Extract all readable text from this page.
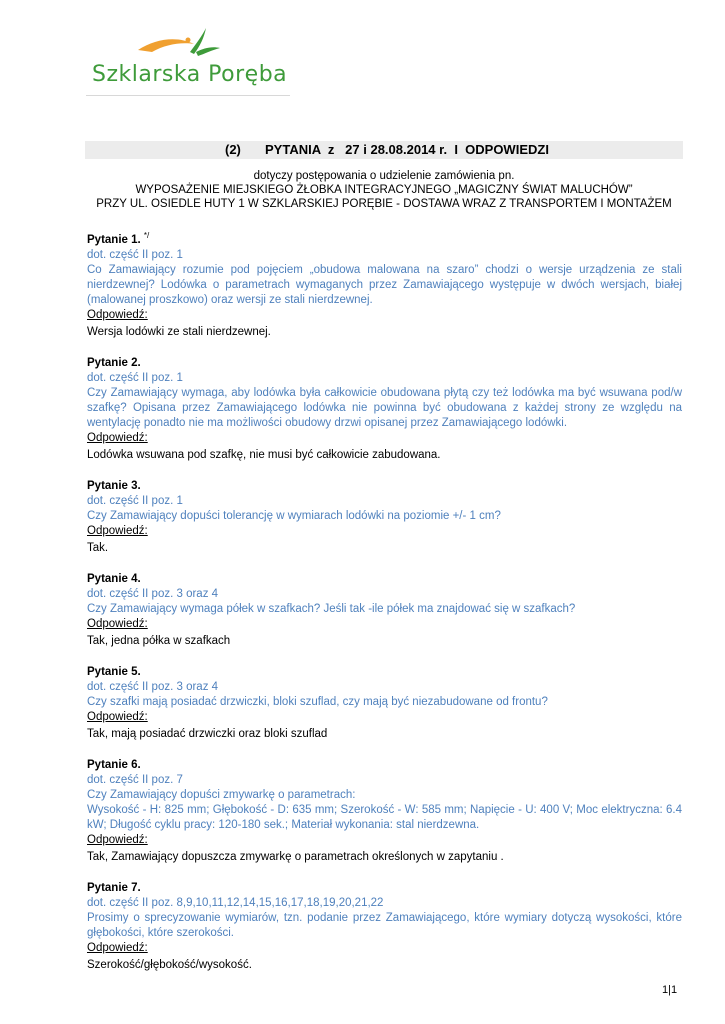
Szklarska Poręba
(2) PYTANIA  z   27 i 28.08.2014 r.  I  ODPOWIEDZI
dotyczy postępowania o udzielenie zamówienia pn.
WYPOSAŻENIE MIEJSKIEGO ŻŁOBKA INTEGRACYJNEGO „MAGICZNY ŚWIAT MALUCHÓW”
PRZY UL. OSIEDLE HUTY 1 W SZKLARSKIEJ PORĘBIE - DOSTAWA WRAZ Z TRANSPORTEM I MONTAŻEM
Pytanie 1. */
dot. część II poz. 1
Co Zamawiający rozumie pod pojęciem „obudowa malowana na szaro” chodzi o wersje urządzenia ze stali nierdzewnej? Lodówka o parametrach wymaganych przez Zamawiającego występuje w dwóch wersjach, białej (malowanej proszkowo) oraz wersji ze stali nierdzewnej.
Odpowiedź:
Wersja lodówki ze stali nierdzewnej.
Pytanie 2.
dot. część II poz. 1
Czy Zamawiający wymaga, aby lodówka była całkowicie obudowana płytą czy też lodówka ma być wsuwana pod/w szafkę? Opisana przez Zamawiającego lodówka nie powinna być obudowana z każdej strony ze względu na wentylację ponadto nie ma możliwości obudowy drzwi opisanej przez Zamawiającego lodówki.
Odpowiedź:
Lodówka wsuwana pod szafkę, nie musi być całkowicie zabudowana.
Pytanie 3.
dot. część II poz. 1
Czy Zamawiający dopuści tolerancję w wymiarach lodówki na poziomie +/- 1 cm?
Odpowiedź:
Tak.
Pytanie 4.
dot. część II poz. 3 oraz 4
Czy Zamawiający wymaga półek w szafkach? Jeśli tak -ile półek ma znajdować się w szafkach?
Odpowiedź:
Tak, jedna półka w szafkach
Pytanie 5.
dot. część II poz. 3 oraz 4
Czy szafki mają posiadać drzwiczki, bloki szuflad, czy mają być niezabudowane od frontu?
Odpowiedź:
Tak, mają posiadać drzwiczki oraz bloki szuflad
Pytanie 6.
dot. część II poz. 7
Czy Zamawiający dopuści zmywarkę o parametrach:
Wysokość - H: 825 mm; Głębokość - D: 635 mm; Szerokość - W: 585 mm; Napięcie - U: 400 V; Moc elektryczna: 6.4 kW; Długość cyklu pracy: 120-180 sek.; Materiał wykonania: stal nierdzewna.
Odpowiedź:
Tak, Zamawiający dopuszcza zmywarkę o parametrach określonych w zapytaniu .
Pytanie 7.
dot. część II poz. 8,9,10,11,12,14,15,16,17,18,19,20,21,22
Prosimy o sprecyzowanie wymiarów, tzn. podanie przez Zamawiającego, które wymiary dotyczą wysokości, które głębokości, które szerokości.
Odpowiedź:
Szerokość/głębokość/wysokość.
1|1
